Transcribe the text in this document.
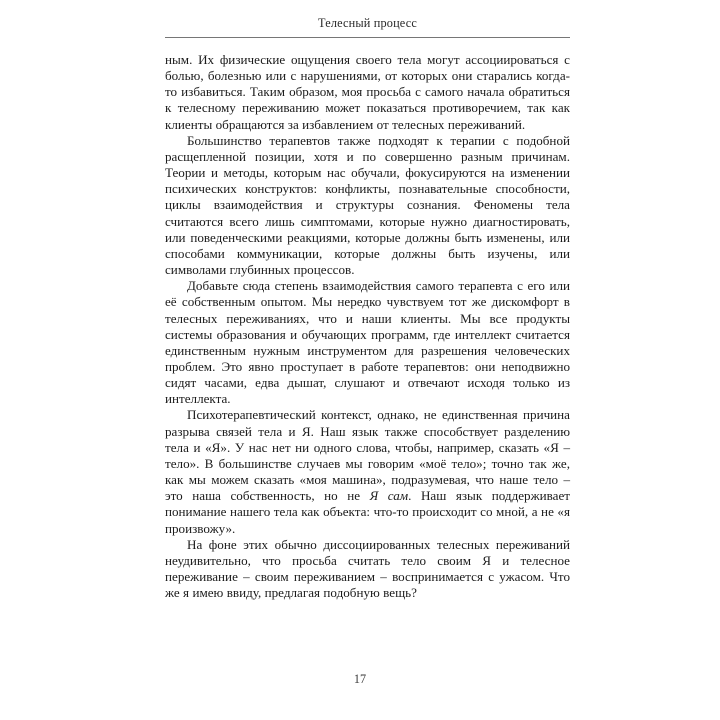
Телесный процесс

ным. Их физические ощущения своего тела могут ассоциироваться с болью, болезнью или с нарушениями, от которых они старались когда-то избавиться. Таким образом, моя просьба с самого начала обратиться к телесному переживанию может показаться противоречием, так как клиенты обращаются за избавлением от телесных переживаний.

Большинство терапевтов также подходят к терапии с подобной расщепленной позиции, хотя и по совершенно разным причинам. Теории и методы, которым нас обучали, фокусируются на изменении психических конструктов: конфликты, познавательные способности, циклы взаимодействия и структуры сознания. Феномены тела считаются всего лишь симптомами, которые нужно диагностировать, или поведенческими реакциями, которые должны быть изменены, или способами коммуникации, которые должны быть изучены, или символами глубинных процессов.

Добавьте сюда степень взаимодействия самого терапевта с его или её собственным опытом. Мы нередко чувствуем тот же дискомфорт в телесных переживаниях, что и наши клиенты. Мы все продукты системы образования и обучающих программ, где интеллект считается единственным нужным инструментом для разрешения человеческих проблем. Это явно проступает в работе терапевтов: они неподвижно сидят часами, едва дышат, слушают и отвечают исходя только из интеллекта.

Психотерапевтический контекст, однако, не единственная причина разрыва связей тела и Я. Наш язык также способствует разделению тела и «Я». У нас нет ни одного слова, чтобы, например, сказать «Я – тело». В большинстве случаев мы говорим «моё тело»; точно так же, как мы можем сказать «моя машина», подразумевая, что наше тело – это наша собственность, но не Я сам. Наш язык поддерживает понимание нашего тела как объекта: что-то происходит со мной, а не «я произвожу».

На фоне этих обычно диссоциированных телесных переживаний неудивительно, что просьба считать тело своим Я и телесное переживание – своим переживанием – воспринимается с ужасом. Что же я имею ввиду, предлагая подобную вещь?

17
